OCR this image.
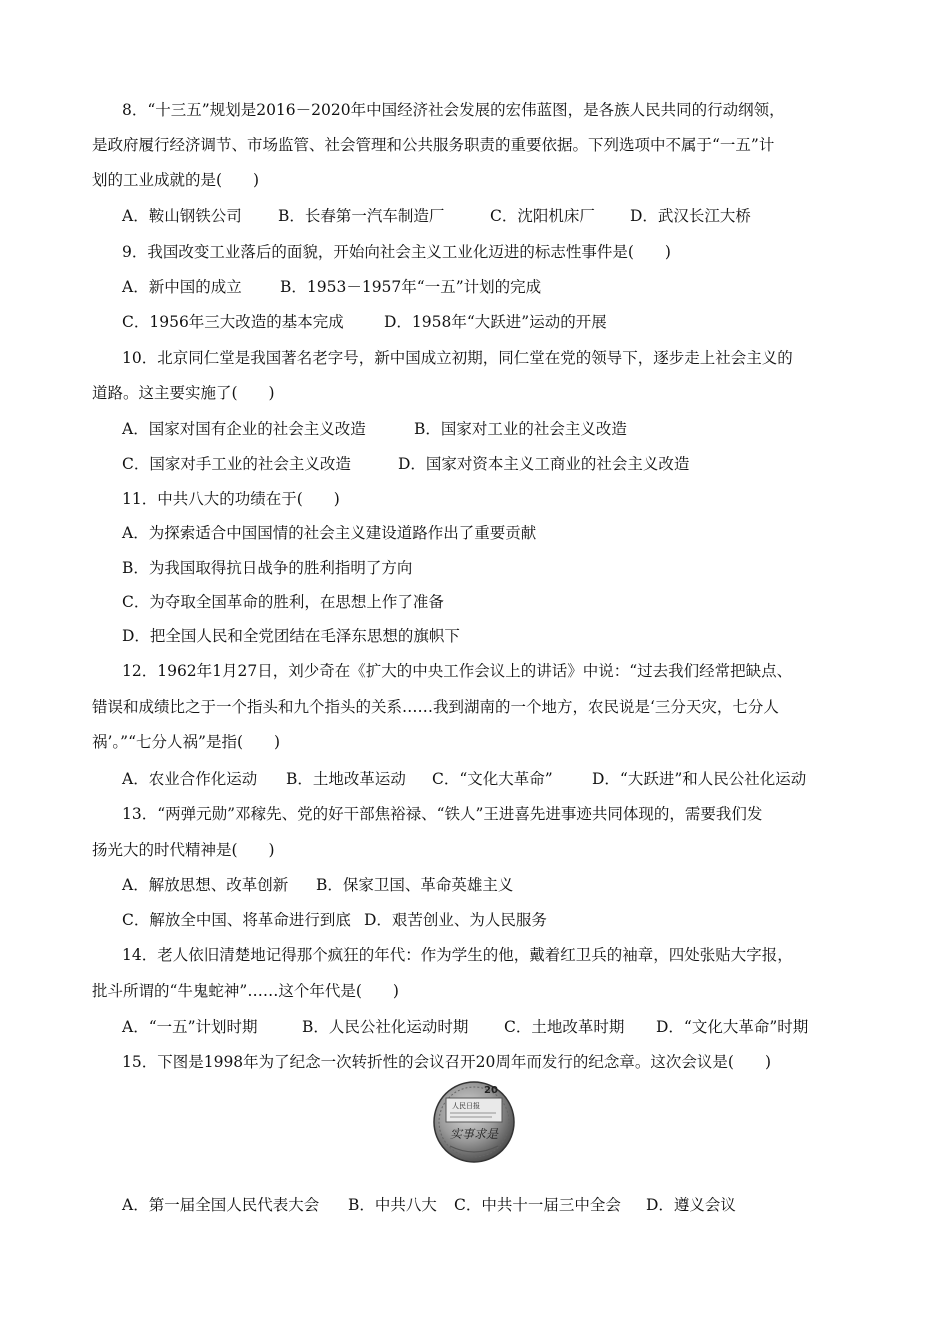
8．“十三五”规划是2016－2020年中国经济社会发展的宏伟蓝图，是各族人民共同的行动纲领，
是政府履行经济调节、市场监管、社会管理和公共服务职责的重要依据。下列选项中不属于“一五”计
划的工业成就的是(　　)
A．鞍山钢铁公司 B．长春第一汽车制造厂	C．沈阳机床厂 D．武汉长江大桥
9．我国改变工业落后的面貌，开始向社会主义工业化迈进的标志性事件是(　　)
A．新中国的成立 B．1953－1957年“一五”计划的完成
C．1956年三大改造的基本完成	D．1958年“大跃进”运动的开展
10．北京同仁堂是我国著名老字号，新中国成立初期，同仁堂在党的领导下，逐步走上社会主义的
道路。这主要实施了(　　)
A．国家对国有企业的社会主义改造	B．国家对工业的社会主义改造
C．国家对手工业的社会主义改造	D．国家对资本主义工商业的社会主义改造
11．中共八大的功绩在于(　　)
A．为探索适合中国国情的社会主义建设道路作出了重要贡献
B．为我国取得抗日战争的胜利指明了方向
C．为夺取全国革命的胜利，在思想上作了准备
D．把全国人民和全党团结在毛泽东思想的旗帜下
12．1962年1月27日，刘少奇在《扩大的中央工作会议上的讲话》中说：“过去我们经常把缺点、
错误和成绩比之于一个指头和九个指头的关系……我到湖南的一个地方，农民说是‘三分天灾，七分人
祸’。”“七分人祸”是指(　　)
A．农业合作化运动 B．土地改革运动 C．“文化大革命”	D．“大跃进”和人民公社化运动
13．“两弹元勋”邓稼先、党的好干部焦裕禄、“铁人”王进喜先进事迹共同体现的，需要我们发
扬光大的时代精神是(　　)
A．解放思想、改革创新 B．保家卫国、革命英雄主义
C．解放全中国、将革命进行到底 D．艰苦创业、为人民服务
14．老人依旧清楚地记得那个疯狂的年代：作为学生的他，戴着红卫兵的袖章，四处张贴大字报，
批斗所谓的“牛鬼蛇神”……这个年代是(　　)
A．“一五”计划时期	B．人民公社化运动时期 C．土地改革时期 D．“文化大革命”时期
15．下图是1998年为了纪念一次转折性的会议召开20周年而发行的纪念章。这次会议是(　　)
人民日报
20
实事求是
A．第一届全国人民代表大会 B．中共八大 C．中共十一届三中全会 D．遵义会议
